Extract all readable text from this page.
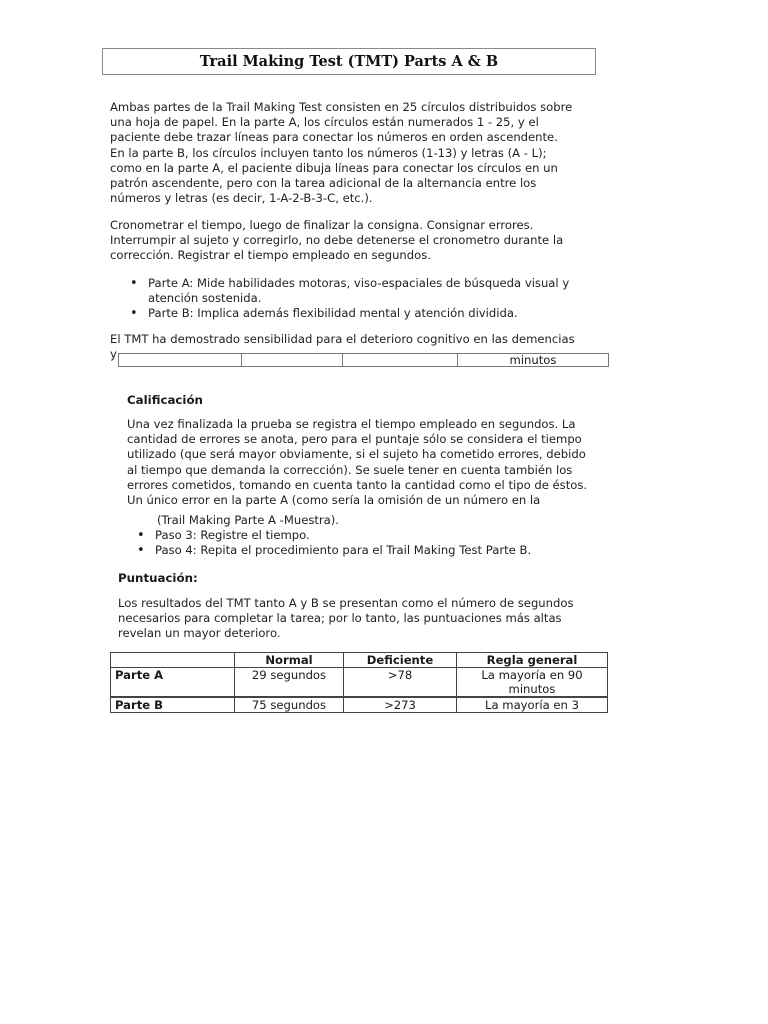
Trail Making Test (TMT) Parts A & B
Ambas partes de la Trail Making Test consisten en 25 círculos distribuidos sobre
una hoja de papel. En la parte A, los círculos están numerados 1 - 25, y el
paciente debe trazar líneas para conectar los números en orden ascendente.
En la parte B, los círculos incluyen tanto los números (1-13) y letras (A - L);
como en la parte A, el paciente dibuja líneas para conectar los círculos en un
patrón ascendente, pero con la tarea adicional de la alternancia entre los
números y letras (es decir, 1-A-2-B-3-C, etc.).
Cronometrar el tiempo, luego de finalizar la consigna. Consignar errores.
Interrumpir al sujeto y corregirlo, no debe detenerse el cronometro durante la
corrección. Registrar el tiempo empleado en segundos.
• Parte A: Mide habilidades motoras, viso-espaciales de búsqueda visual y
atención sostenida.
• Parte B: Implica además flexibilidad mental y atención dividida.
El TMT ha demostrado sensibilidad para el deterioro cognitivo en las demencias
y
				minutos
Calificación
Una vez finalizada la prueba se registra el tiempo empleado en segundos. La
cantidad de errores se anota, pero para el puntaje sólo se considera el tiempo
utilizado (que será mayor obviamente, si el sujeto ha cometido errores, debido
al tiempo que demanda la corrección). Se suele tener en cuenta también los
errores cometidos, tomando en cuenta tanto la cantidad como el tipo de éstos.
Un único error en la parte A (como sería la omisión de un número en la
(Trail Making Parte A -Muestra).
• Paso 3: Registre el tiempo.
• Paso 4: Repita el procedimiento para el Trail Making Test Parte B.
Puntuación:
Los resultados del TMT tanto A y B se presentan como el número de segundos
necesarios para completar la tarea; por lo tanto, las puntuaciones más altas
revelan un mayor deterioro.
	Normal	Deficiente	Regla general
Parte A	29 segundos	>78	La mayoría en 90
minutos

Parte B	75 segundos	>273	La mayoría en 3
